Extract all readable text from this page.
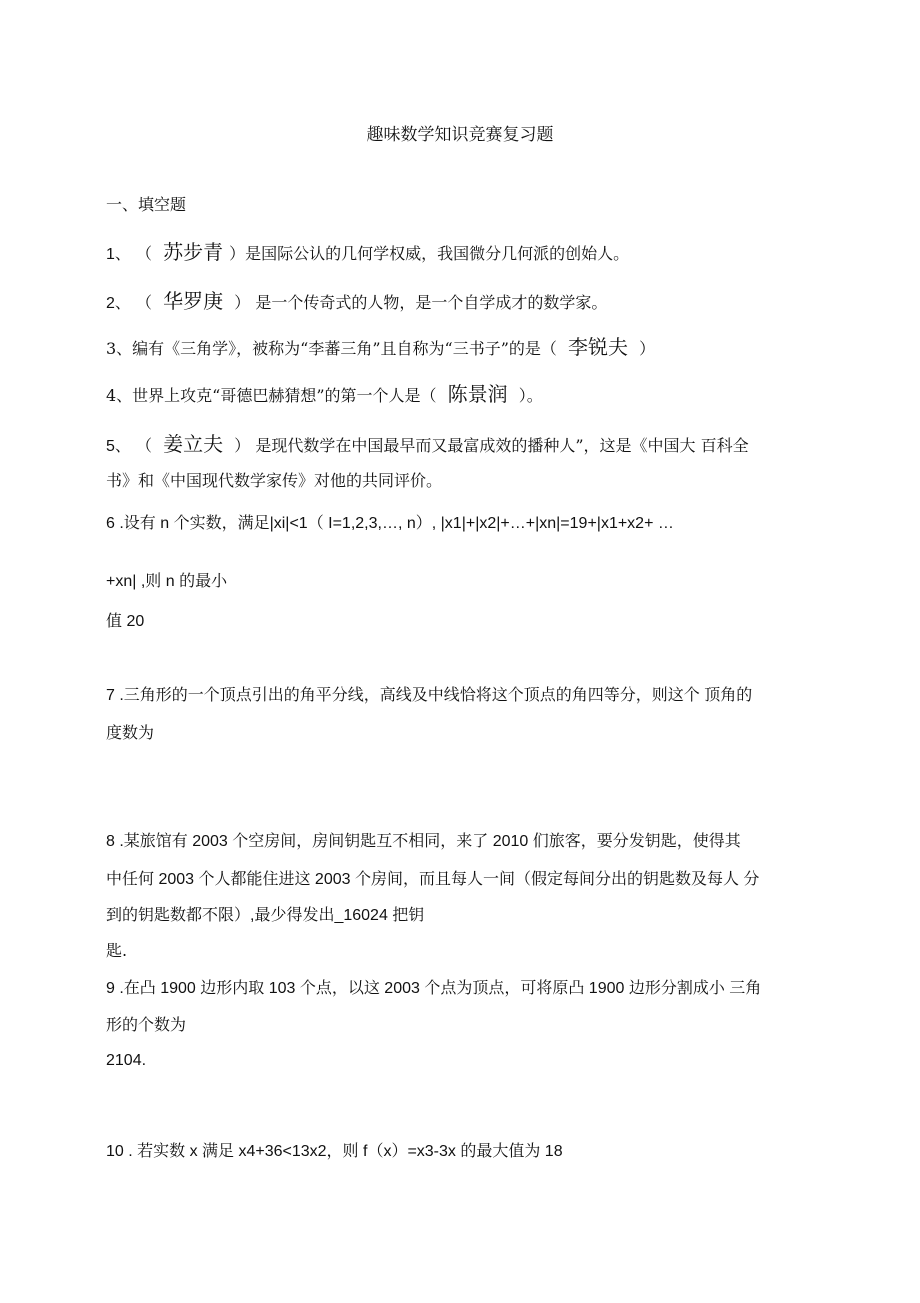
趣味数学知识竞赛复习题
一、填空题
1、 （ 苏步青 ）是国际公认的几何学权威，我国微分几何派的创始人。
2、 （ 华罗庚 ） 是一个传奇式的人物，是一个自学成才的数学家。
3、编有《三角学》，被称为“李蕃三角”且自称为“三书子”的是（ 李锐夫 ）
4、世界上攻克“哥德巴赫猜想”的第一个人是（ 陈景润 ）。
5、 （ 姜立夫 ） 是现代数学在中国最早而又最富成效的播种人”，这是《中国大 百科全
书》和《中国现代数学家传》对他的共同评价。
6 .设有 n 个实数，满足|xi|<1（ I=1,2,3,…, n）, |x1|+|x2|+…+|xn|=19+|x1+x2+ …
+xn| ,则 n 的最小
值 20
7 .三角形的一个顶点引出的角平分线，高线及中线恰将这个顶点的角四等分，则这个 顶角的
度数为
8 .某旅馆有 2003 个空房间，房间钥匙互不相同，来了 2010 们旅客，要分发钥匙，使得其
中任何 2003 个人都能住进这 2003 个房间，而且每人一间（假定每间分出的钥匙数及每人 分
到的钥匙数都不限）,最少得发出_16024 把钥
匙.
9 .在凸 1900 边形内取 103 个点，以这 2003 个点为顶点，可将原凸 1900 边形分割成小 三角
形的个数为
2104.
10 . 若实数 x 满足 x4+36<13x2，则 f（x）=x3-3x 的最大值为 18
